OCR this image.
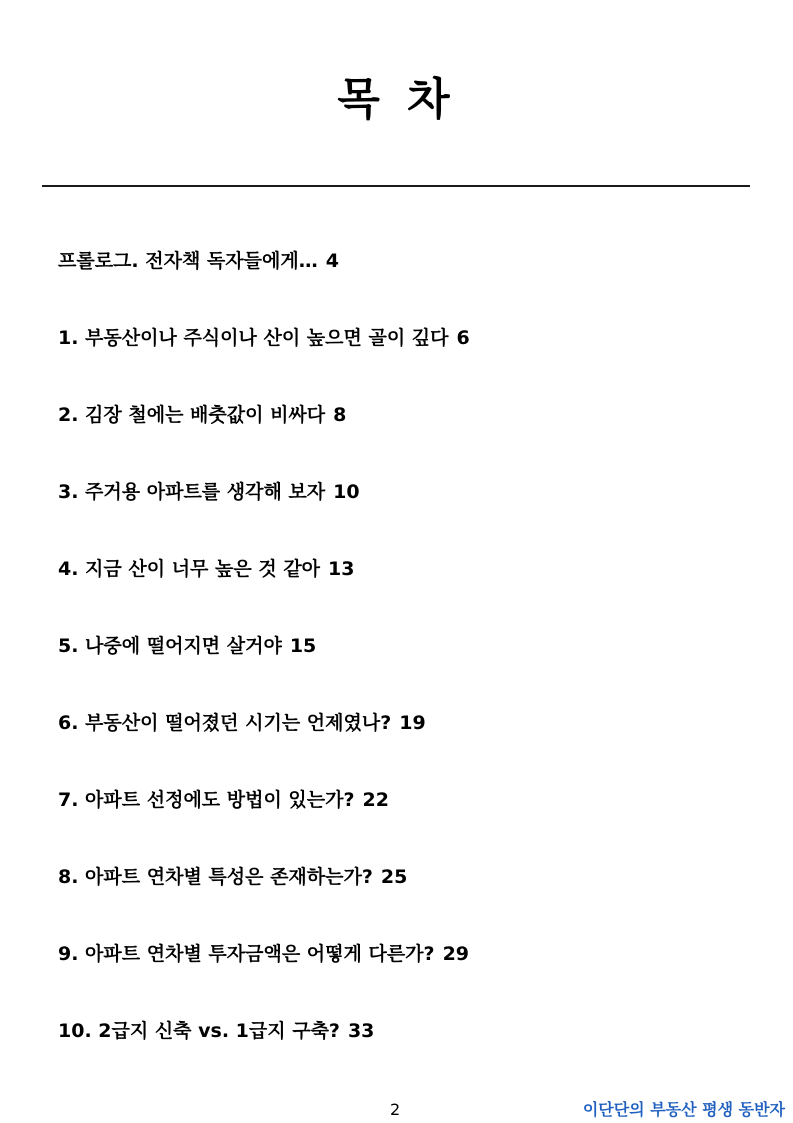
목 차
프롤로그. 전자책 독자들에게… 4
1. 부동산이나 주식이나 산이 높으면 골이 깊다 6
2. 김장 철에는 배춧값이 비싸다 8
3. 주거용 아파트를 생각해 보자 10
4. 지금 산이 너무 높은 것 같아 13
5. 나중에 떨어지면 살거야 15
6. 부동산이 떨어졌던 시기는 언제였나? 19
7. 아파트 선정에도 방법이 있는가? 22
8. 아파트 연차별 특성은 존재하는가? 25
9. 아파트 연차별 투자금액은 어떻게 다른가? 29
10. 2급지 신축 vs. 1급지 구축? 33
2	이단단의 부동산 평생 동반자
